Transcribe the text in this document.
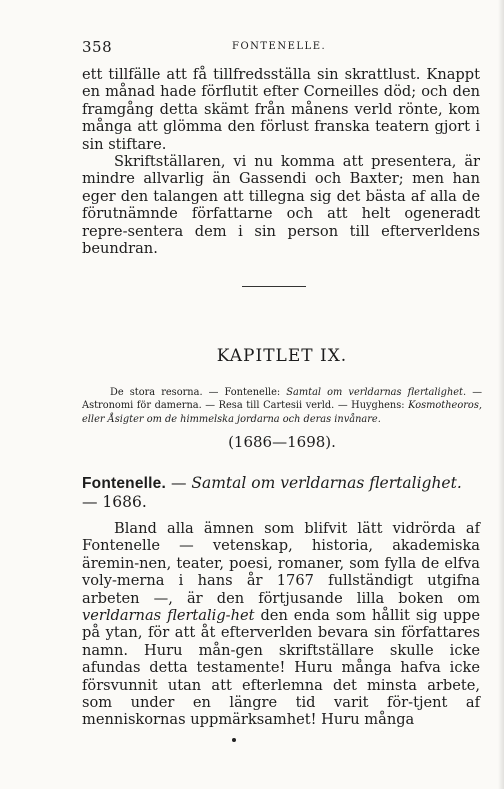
358	FONTENELLE.

ett tillfälle att få tillfredsställa sin skrattlust. Knappt en månad hade förflutit efter Corneilles död; och den framgång detta skämt från månens verld rönte, kom många att glömma den förlust franska teatern gjort i sin stiftare.

Skriftställaren, vi nu komma att presentera, är mindre allvarlig än Gassendi och Baxter; men han eger den talangen att tillegna sig det bästa af alla de förutnämnde författarne och att helt ogeneradt repre-sentera dem i sin person till efterverldens beundran.

KAPITLET IX.

De stora resorna. — Fontenelle: Samtal om verldarnas flertalighet. — Astronomi för damerna. — Resa till Cartesii verld. — Huyghens: Kosmotheoros, eller Åsigter om de himmelska jordarna och deras invånare.

(1686—1698).
Fontenelle. — Samtal om verldarnas flertalighet. — 1686.

Bland alla ämnen som blifvit lätt vidrörda af Fontenelle — vetenskap, historia, akademiska äremin-nen, teater, poesi, romaner, som fylla de elfva voly-merna i hans år 1767 fullständigt utgifna arbeten —, är den förtjusande lilla boken om verldarnas flertalig-het den enda som hållit sig uppe på ytan, för att åt efterverlden bevara sin författares namn. Huru mån-gen skriftställare skulle icke afundas detta testamente! Huru många hafva icke försvunnit utan att efterlemna det minsta arbete, som under en längre tid varit för-tjent af menniskornas uppmärksamhet! Huru många
